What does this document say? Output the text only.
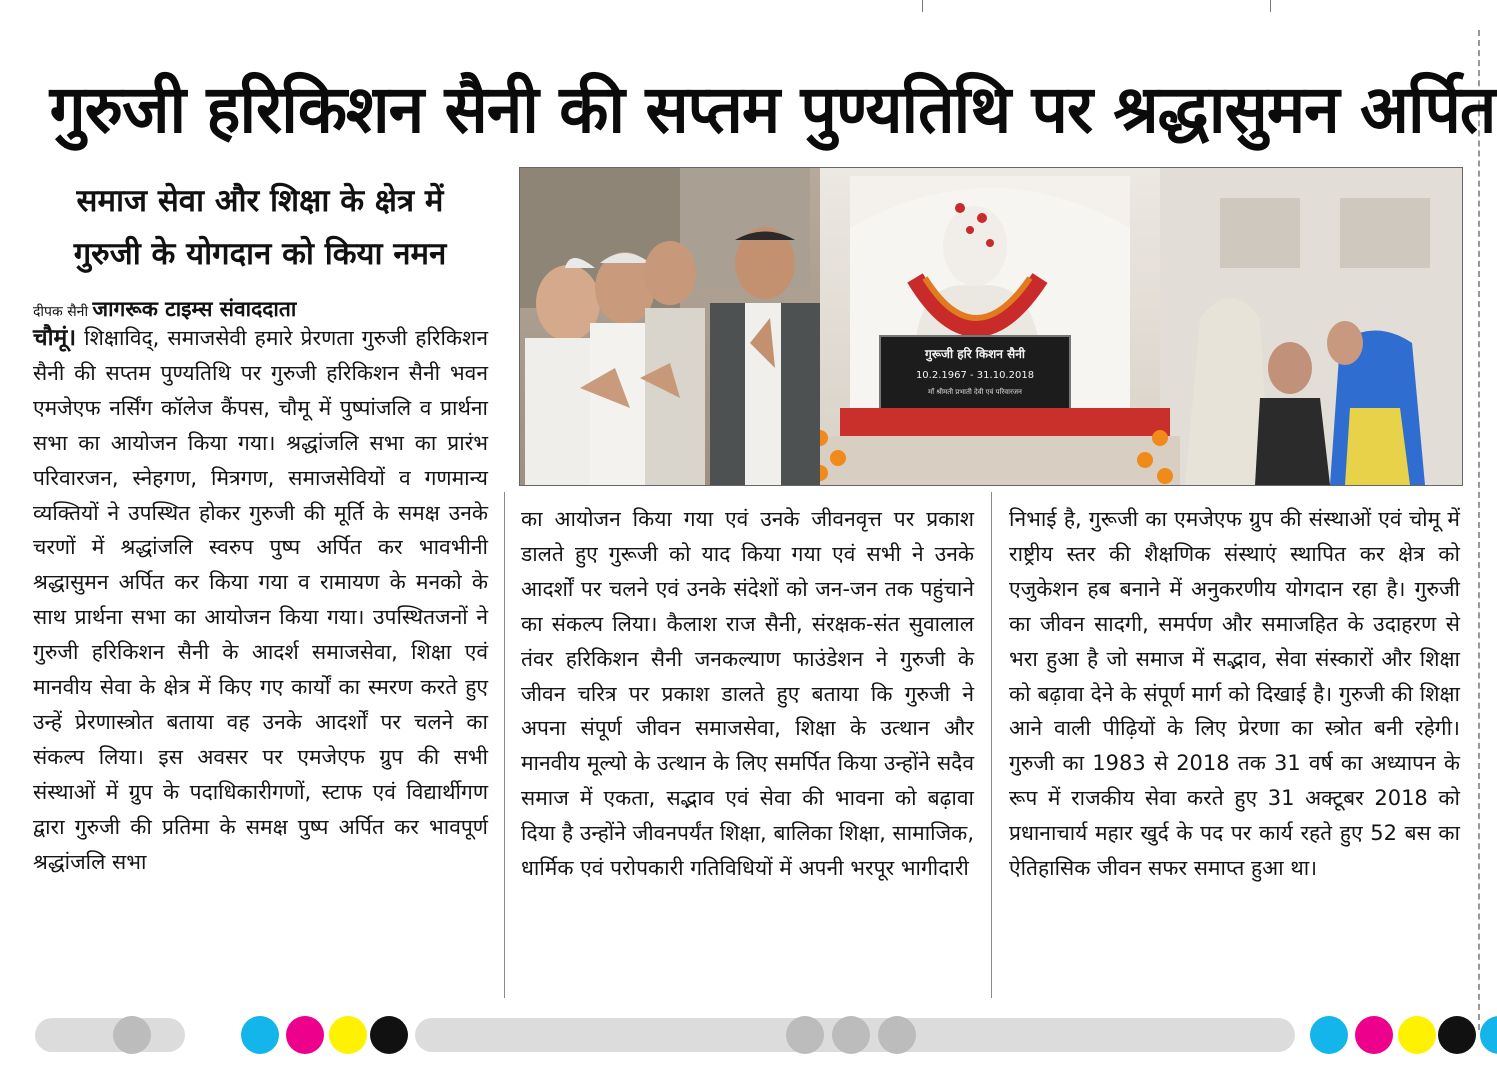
गुरुजी हरिकिशन सैनी की सप्तम पुण्यतिथि पर श्रद्धासुमन अर्पित
समाज सेवा और शिक्षा के क्षेत्र में
गुरुजी के योगदान को किया नमन
दीपक सैनी जागरूक टाइम्स संवाददाता

चौमूं। शिक्षाविद्, समाजसेवी हमारे प्रेरणता गुरुजी हरिकिशन सैनी की सप्तम पुण्यतिथि पर गुरुजी हरिकिशन सैनी भवन एमजेएफ नर्सिंग कॉलेज कैंपस, चौमू में पुष्पांजलि व प्रार्थना सभा का आयोजन किया गया। श्रद्धांजलि सभा का प्रारंभ परिवारजन, स्नेहगण, मित्रगण, समाजसेवियों व गणमान्य व्यक्तियों ने उपस्थित होकर गुरुजी की मूर्ति के समक्ष उनके चरणों में श्रद्धांजलि स्वरुप पुष्प अर्पित कर भावभीनी श्रद्धासुमन अर्पित कर किया गया व रामायण के मनको के साथ प्रार्थना सभा का आयोजन किया गया। उपस्थितजनों ने गुरुजी हरिकिशन सैनी के आदर्श समाजसेवा, शिक्षा एवं मानवीय सेवा के क्षेत्र में किए गए कार्यों का स्मरण करते हुए उन्हें प्रेरणास्त्रोत बताया वह उनके आदर्शों पर चलने का संकल्प लिया। इस अवसर पर एमजेएफ ग्रुप की सभी संस्थाओं में ग्रुप के पदाधिकारीगणों, स्टाफ एवं विद्यार्थीगण द्वारा गुरुजी की प्रतिमा के समक्ष पुष्प अर्पित कर भावपूर्ण श्रद्धांजलि सभा

का आयोजन किया गया एवं उनके जीवनवृत्त पर प्रकाश डालते हुए गुरूजी को याद किया गया एवं सभी ने उनके आदर्शों पर चलने एवं उनके संदेशों को जन-जन तक पहुंचाने का संकल्प लिया। कैलाश राज सैनी, संरक्षक-संत सुवालाल तंवर हरिकिशन सैनी जनकल्याण फाउंडेशन ने गुरुजी के जीवन चरित्र पर प्रकाश डालते हुए बताया कि गुरुजी ने अपना संपूर्ण जीवन समाजसेवा, शिक्षा के उत्थान और मानवीय मूल्यो के उत्थान के लिए समर्पित किया उन्होंने सदैव समाज में एकता, सद्भाव एवं सेवा की भावना को बढ़ावा दिया है उन्होंने जीवनपर्यंत शिक्षा, बालिका शिक्षा, सामाजिक, धार्मिक एवं परोपकारी गतिविधियों में अपनी भरपूर भागीदारी

निभाई है, गुरूजी का एमजेएफ ग्रुप की संस्थाओं एवं चोमू में राष्ट्रीय स्तर की शैक्षणिक संस्थाएं स्थापित कर क्षेत्र को एजुकेशन हब बनाने में अनुकरणीय योगदान रहा है। गुरुजी का जीवन सादगी, समर्पण और समाजहित के उदाहरण से भरा हुआ है जो समाज में सद्भाव, सेवा संस्कारों और शिक्षा को बढ़ावा देने के संपूर्ण मार्ग को दिखाई है। गुरुजी की शिक्षा आने वाली पीढ़ियों के लिए प्रेरणा का स्त्रोत बनी रहेगी। गुरुजी का 1983 से 2018 तक 31 वर्ष का अध्यापन के रूप में राजकीय सेवा करते हुए 31 अक्टूबर 2018 को प्रधानाचार्य महार खुर्द के पद पर कार्य रहते हुए 52 बस का ऐतिहासिक जीवन सफर समाप्त हुआ था।

गुरूजी हरि किशन सैनी
10.2.1967 - 31.10.2018
माँ श्रीमती प्रभाती देवी एवं परिवारजन
